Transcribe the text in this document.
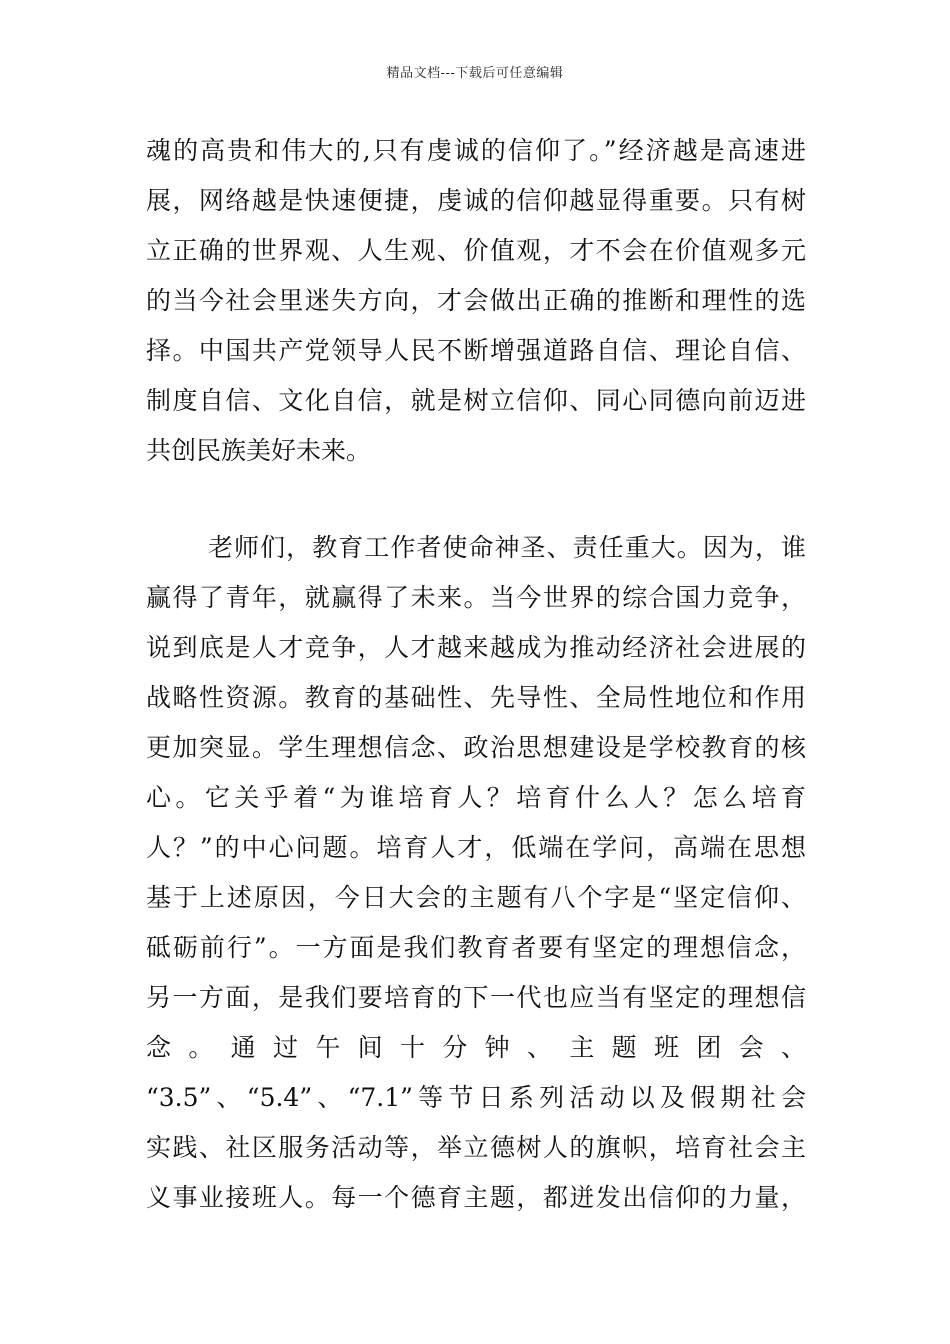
精品文档---下载后可任意编辑
魂的高贵和伟大的,只有虔诚的信仰了。”经济越是高速进
展，网络越是快速便捷，虔诚的信仰越显得重要。只有树
立正确的世界观、人生观、价值观，才不会在价值观多元
的当今社会里迷失方向，才会做出正确的推断和理性的选
择。中国共产党领导人民不断增强道路自信、理论自信、
制度自信、文化自信，就是树立信仰、同心同德向前迈进
共创民族美好未来。
老师们，教育工作者使命神圣、责任重大。因为，谁
赢得了青年，就赢得了未来。当今世界的综合国力竞争，
说到底是人才竞争，人才越来越成为推动经济社会进展的
战略性资源。教育的基础性、先导性、全局性地位和作用
更加突显。学生理想信念、政治思想建设是学校教育的核
心。它关乎着“为谁培育人？培育什么人？怎么培育
人？”的中心问题。培育人才，低端在学问，高端在思想
基于上述原因，今日大会的主题有八个字是“坚定信仰、
砥砺前行”。一方面是我们教育者要有坚定的理想信念，
另一方面，是我们要培育的下一代也应当有坚定的理想信
念。通过午间十分钟、主题班团会、
“3.5”、“5.4”、“7.1”等节日系列活动以及假期社会
实践、社区服务活动等，举立德树人的旗帜，培育社会主
义事业接班人。每一个德育主题，都迸发出信仰的力量，
